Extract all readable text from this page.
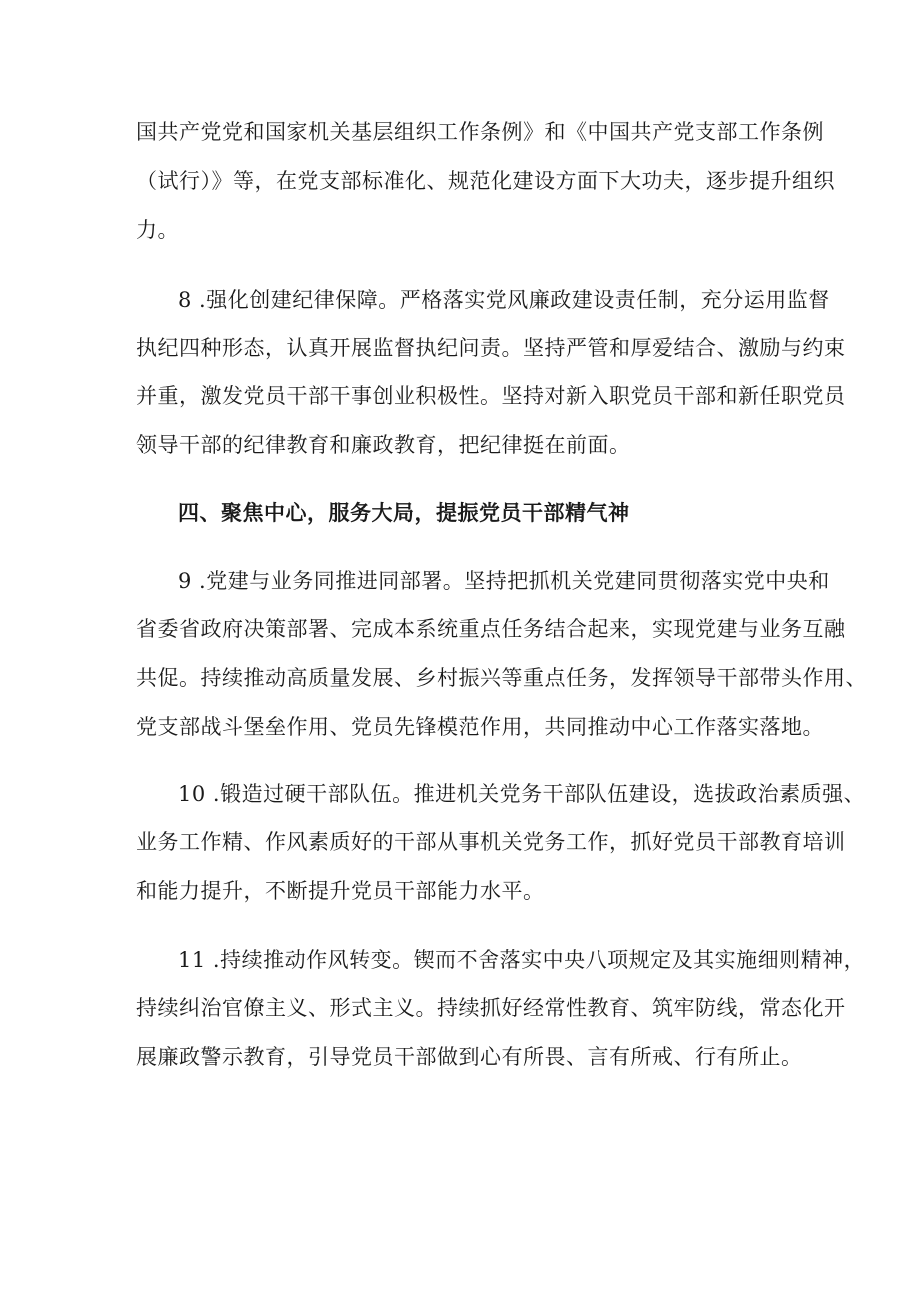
国共产党党和国家机关基层组织工作条例》和《中国共产党支部工作条例
（试行）》等，在党支部标准化、规范化建设方面下大功夫，逐步提升组织
力。
8 .强化创建纪律保障。严格落实党风廉政建设责任制，充分运用监督
执纪四种形态，认真开展监督执纪问责。坚持严管和厚爱结合、激励与约束
并重，激发党员干部干事创业积极性。坚持对新入职党员干部和新任职党员
领导干部的纪律教育和廉政教育，把纪律挺在前面。
四、聚焦中心，服务大局，提振党员干部精气神
9 .党建与业务同推进同部署。坚持把抓机关党建同贯彻落实党中央和
省委省政府决策部署、完成本系统重点任务结合起来，实现党建与业务互融
共促。持续推动高质量发展、乡村振兴等重点任务，发挥领导干部带头作用、
党支部战斗堡垒作用、党员先锋模范作用，共同推动中心工作落实落地。
10 .锻造过硬干部队伍。推进机关党务干部队伍建设，选拔政治素质强、
业务工作精、作风素质好的干部从事机关党务工作，抓好党员干部教育培训
和能力提升，不断提升党员干部能力水平。
11 .持续推动作风转变。锲而不舍落实中央八项规定及其实施细则精神，
持续纠治官僚主义、形式主义。持续抓好经常性教育、筑牢防线，常态化开
展廉政警示教育，引导党员干部做到心有所畏、言有所戒、行有所止。
